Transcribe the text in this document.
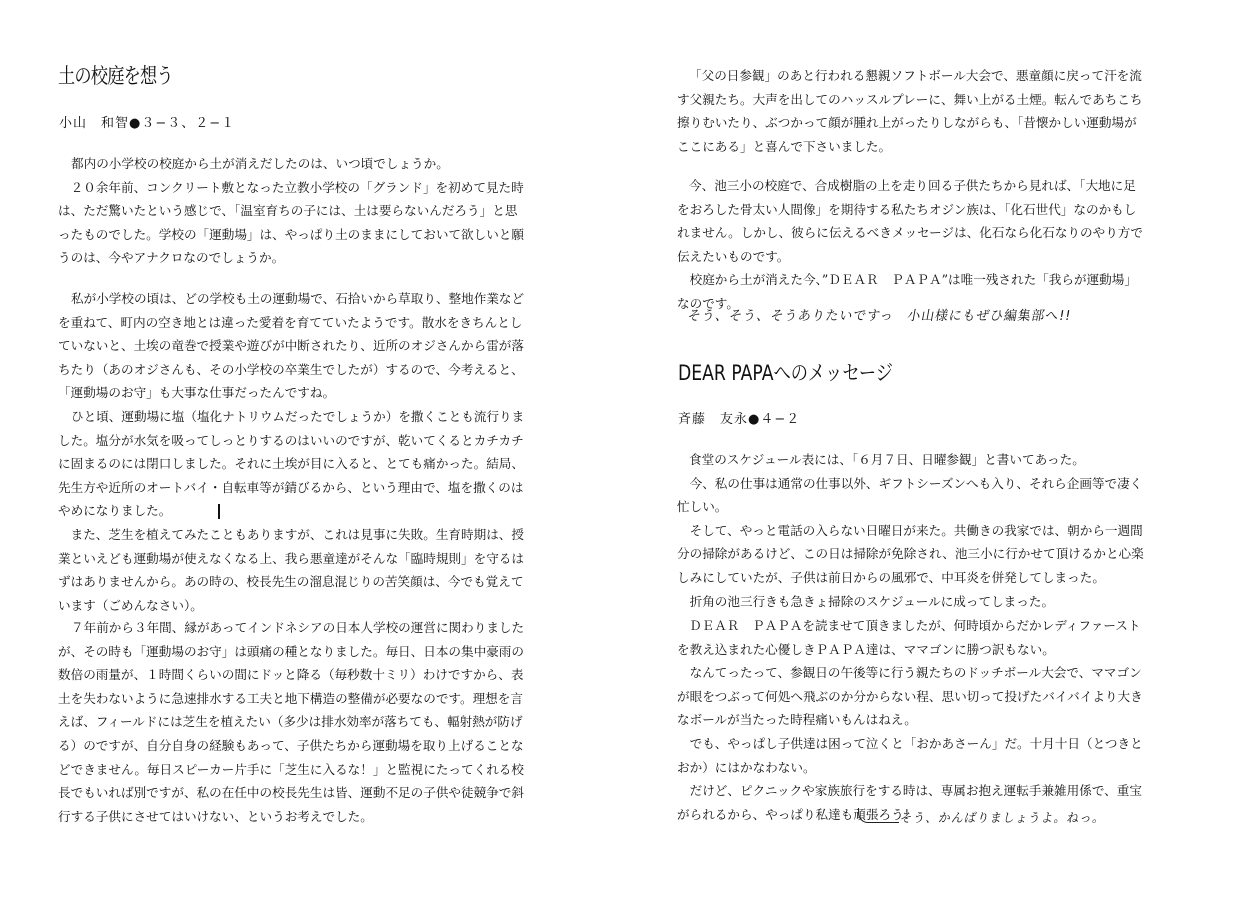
土の校庭を想う
小山　和智●３−３、２−１
都内の小学校の校庭から土が消えだしたのは、いつ頃でしょうか。
　２０余年前、コンクリート敷となった立教小学校の「グランド」を初めて見た時
は、ただ驚いたという感じで、「温室育ちの子には、土は要らないんだろう」と思
ったものでした。学校の「運動場」は、やっぱり土のままにしておいて欲しいと願
うのは、今やアナクロなのでしょうか。
私が小学校の頃は、どの学校も土の運動場で、石拾いから草取り、整地作業など
を重ねて、町内の空き地とは違った愛着を育てていたようです。散水をきちんとし
ていないと、土埃の竜巻で授業や遊びが中断されたり、近所のオジさんから雷が落
ちたり（あのオジさんも、その小学校の卒業生でしたが）するので、今考えると、
「運動場のお守」も大事な仕事だったんですね。
ひと頃、運動場に塩（塩化ナトリウムだったでしょうか）を撒くことも流行りま
した。塩分が水気を吸ってしっとりするのはいいのですが、乾いてくるとカチカチ
に固まるのには閉口しました。それに土埃が目に入ると、とても痛かった。結局、
先生方や近所のオートバイ・自転車等が錆びるから、という理由で、塩を撒くのは
やめになりました。
　また、芝生を植えてみたこともありますが、これは見事に失敗。生育時期は、授
業といえども運動場が使えなくなる上、我ら悪童達がそんな「臨時規則」を守るは
ずはありませんから。あの時の、校長先生の溜息混じりの苦笑顔は、今でも覚えて
います（ごめんなさい）。
７年前から３年間、縁があってインドネシアの日本人学校の運営に関わりました
が、その時も「運動場のお守」は頭痛の種となりました。毎日、日本の集中豪雨の
数倍の雨量が、１時間くらいの間にドッと降る（毎秒数十ミリ）わけですから、表
土を失わないように急速排水する工夫と地下構造の整備が必要なのです。理想を言
えば、フィールドには芝生を植えたい（多少は排水効率が落ちても、輻射熱が防げ
る）のですが、自分自身の経験もあって、子供たちから運動場を取り上げることな
どできません。毎日スピーカー片手に「芝生に入るな！」と監視にたってくれる校
長でもいれば別ですが、私の在任中の校長先生は皆、運動不足の子供や徒競争で斜
行する子供にさせてはいけない、というお考えでした。
「父の日参観」のあと行われる懇親ソフトボール大会で、悪童顔に戻って汗を流
す父親たち。大声を出してのハッスルプレーに、舞い上がる土煙。転んであちこち
擦りむいたり、ぶつかって顔が腫れ上がったりしながらも、「昔懐かしい運動場が
ここにある」と喜んで下さいました。
今、池三小の校庭で、合成樹脂の上を走り回る子供たちから見れば、「大地に足
をおろした骨太い人間像」を期待する私たちオジン族は、「化石世代」なのかもし
れません。しかし、彼らに伝えるべきメッセージは、化石なら化石なりのやり方で
伝えたいものです。
　校庭から土が消えた今、”ＤＥＡＲ　ＰＡＰＡ”は唯一残された「我らが運動場」
なのです。
そう、そう、そうありたいですっ　小山様にもぜひ編集部へ!!
DEAR PAPAへのメッセージ
斉藤　友永●４−２
食堂のスケジュール表には、「６月７日、日曜参観」と書いてあった。
　今、私の仕事は通常の仕事以外、ギフトシーズンへも入り、それら企画等で凄く
忙しい。
　そして、やっと電話の入らない日曜日が来た。共働きの我家では、朝から一週間
分の掃除があるけど、この日は掃除が免除され、池三小に行かせて頂けるかと心楽
しみにしていたが、子供は前日からの風邪で、中耳炎を併発してしまった。
　折角の池三行きも急きょ掃除のスケジュールに成ってしまった。
ＤＥＡＲ　ＰＡＰＡを読ませて頂きましたが、何時頃からだかレディファースト
を教え込まれた心優しきＰＡＰＡ達は、ママゴンに勝つ訳もない。
　なんてったって、参観日の午後等に行う親たちのドッチボール大会で、ママゴン
が眼をつぶって何処へ飛ぶのか分からない程、思い切って投げたバイバイより大き
なボールが当たった時程痛いもんはねえ。
　でも、やっぱし子供達は困って泣くと「おかあさーん」だ。十月十日（とつきと
おか）にはかなわない。
　だけど、ピクニックや家族旅行をする時は、専属お抱え運転手兼雑用係で、重宝
がられるから、やっぱり私達も頑張ろう！
そう、かんばりましょうよ。ねっ。
